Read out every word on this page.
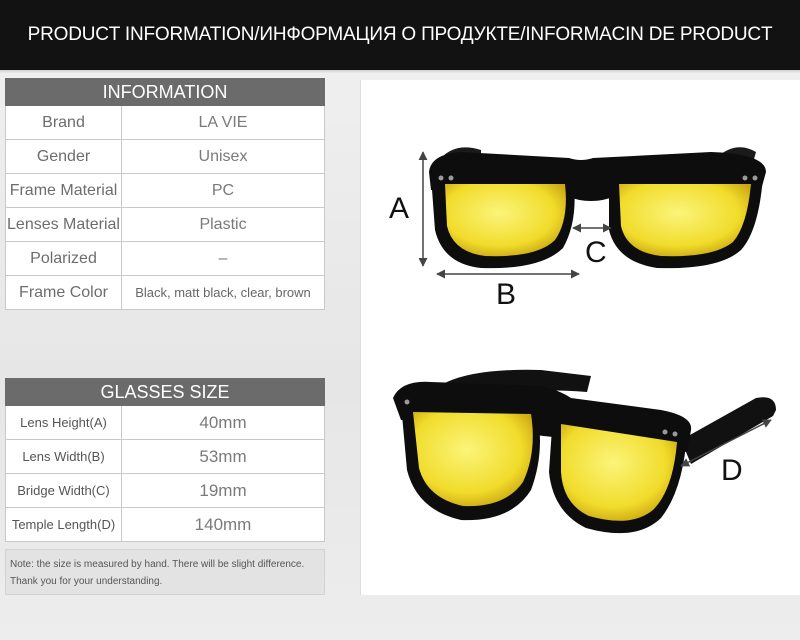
PRODUCT INFORMATION/ИНФОРМАЦИЯ О ПРОДУКТЕ/INFORMACIN DE PRODUCT
INFORMATION
Brand	LA VIE
Gender	Unisex
Frame Material	PC
Lenses Material	Plastic
Polarized	–
Frame Color	Black, matt black, clear, brown
GLASSES SIZE
Lens Height(A)	40mm
Lens Width(B)	53mm
Bridge Width(C)	19mm
Temple Length(D)	140mm
Note: the size is measured by hand. There will be slight difference.
Thank you for your understanding.
A
B
C
D
